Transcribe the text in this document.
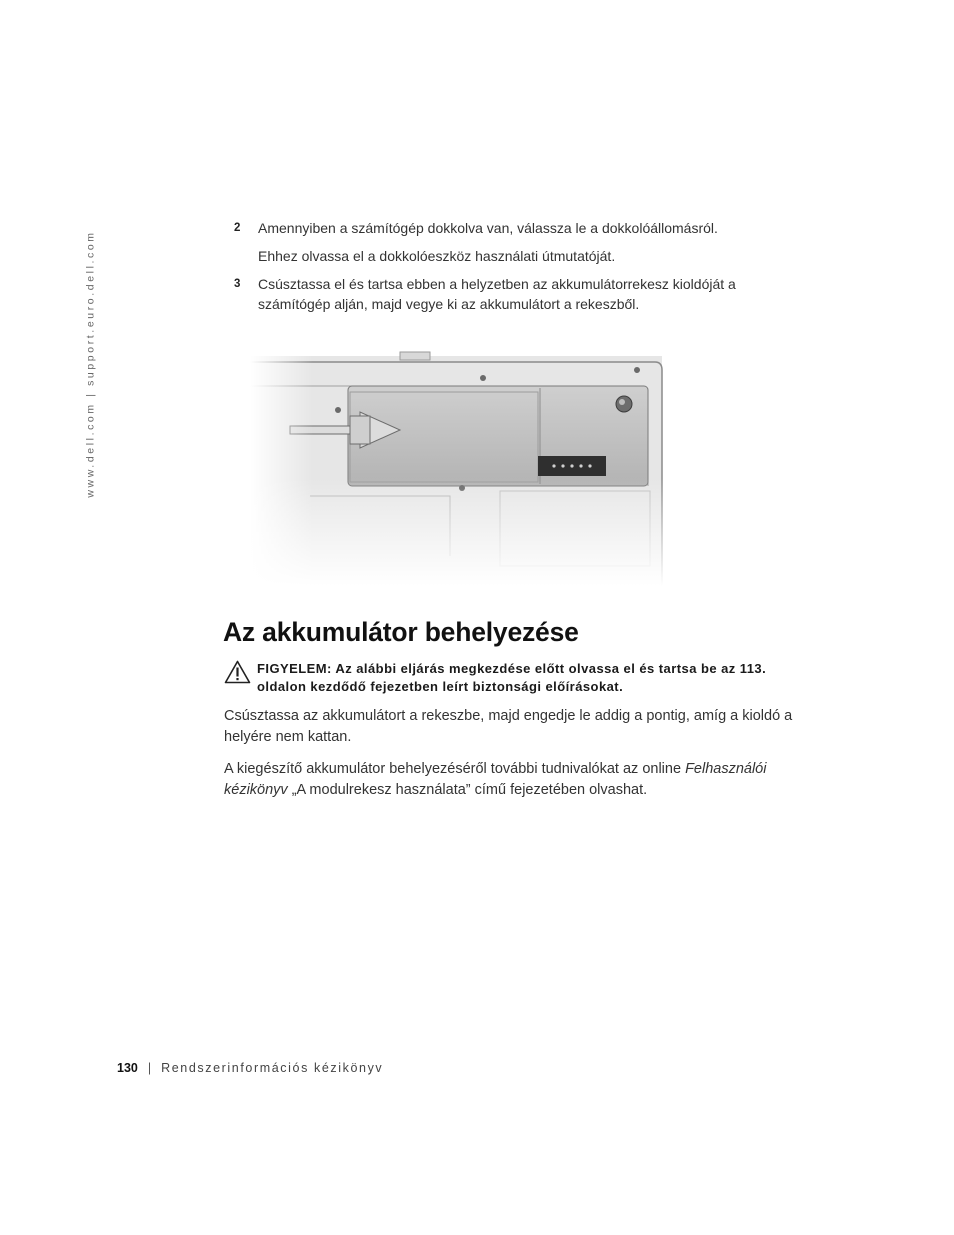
www.dell.com | support.euro.dell.com
2 Amennyiben a számítógép dokkolva van, válassza le a dokkolóállomásról.
Ehhez olvassa el a dokkolóeszköz használati útmutatóját.
3 Csúsztassa el és tartsa ebben a helyzetben az akkumulátorrekesz kioldóját a számítógép alján, majd vegye ki az akkumulátort a rekeszből.
Az akkumulátor behelyezése
FIGYELEM: Az alábbi eljárás megkezdése előtt olvassa el és tartsa be az 113. oldalon kezdődő fejezetben leírt biztonsági előírásokat.

Csúsztassa az akkumulátort a rekeszbe, majd engedje le addig a pontig, amíg a kioldó a helyére nem kattan.

A kiegészítő akkumulátor behelyezéséről további tudnivalókat az online Felhasználói kézikönyv „A modulrekesz használata” című fejezetében olvashat.

130 | Rendszerinformációs kézikönyv
